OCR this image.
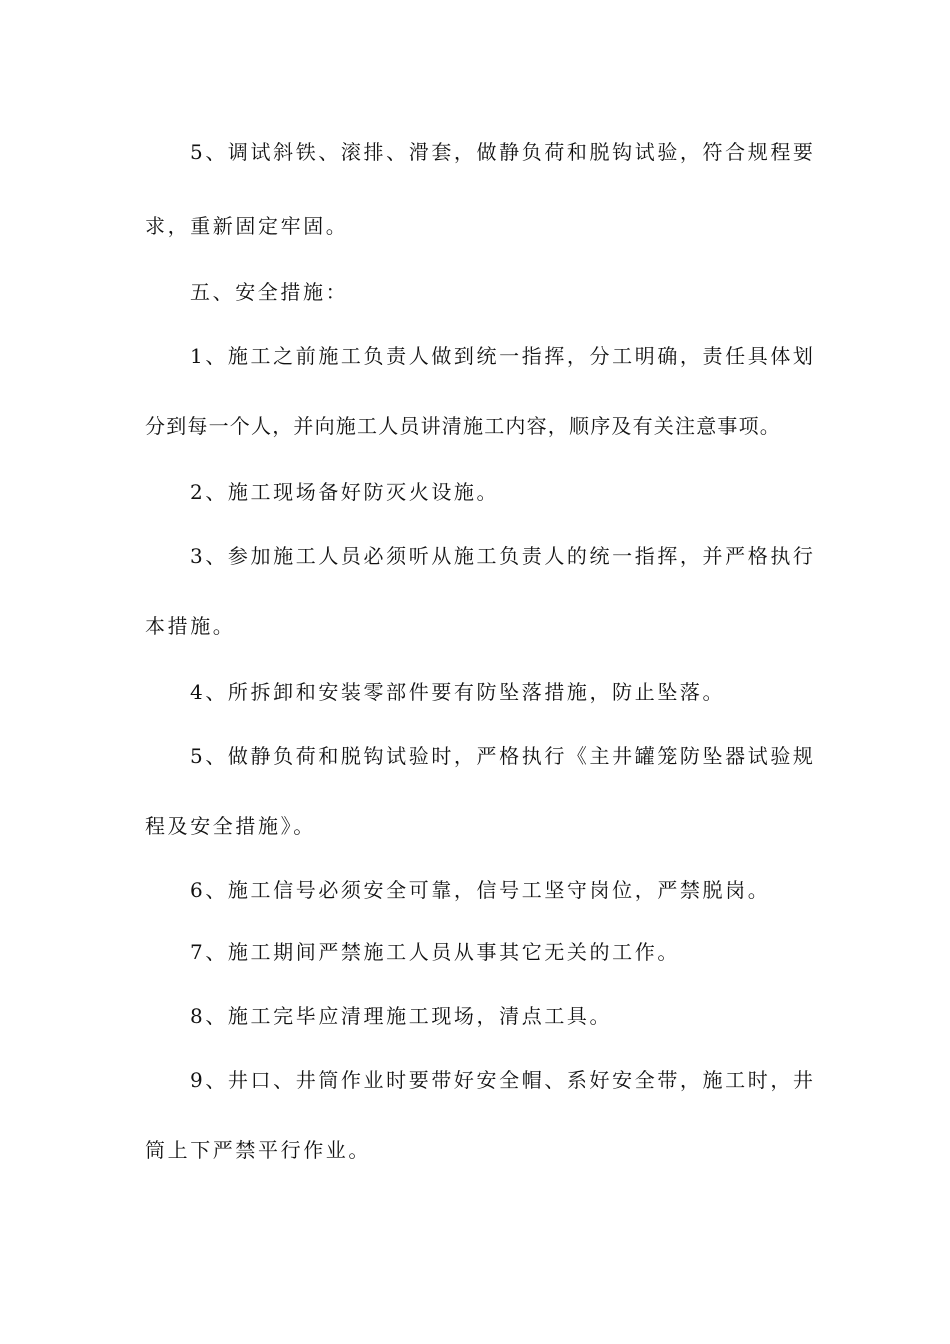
5、调试斜铁、滚排、滑套，做静负荷和脱钩试验，符合规程要
求，重新固定牢固。
五、安全措施：
1、施工之前施工负责人做到统一指挥，分工明确，责任具体划
分到每一个人，并向施工人员讲清施工内容，顺序及有关注意事项。
2、施工现场备好防灭火设施。
3、参加施工人员必须听从施工负责人的统一指挥，并严格执行
本措施。
4、所拆卸和安装零部件要有防坠落措施，防止坠落。
5、做静负荷和脱钩试验时，严格执行《主井罐笼防坠器试验规
程及安全措施》。
6、施工信号必须安全可靠，信号工坚守岗位，严禁脱岗。
7、施工期间严禁施工人员从事其它无关的工作。
8、施工完毕应清理施工现场，清点工具。
9、井口、井筒作业时要带好安全帽、系好安全带，施工时，井
筒上下严禁平行作业。
